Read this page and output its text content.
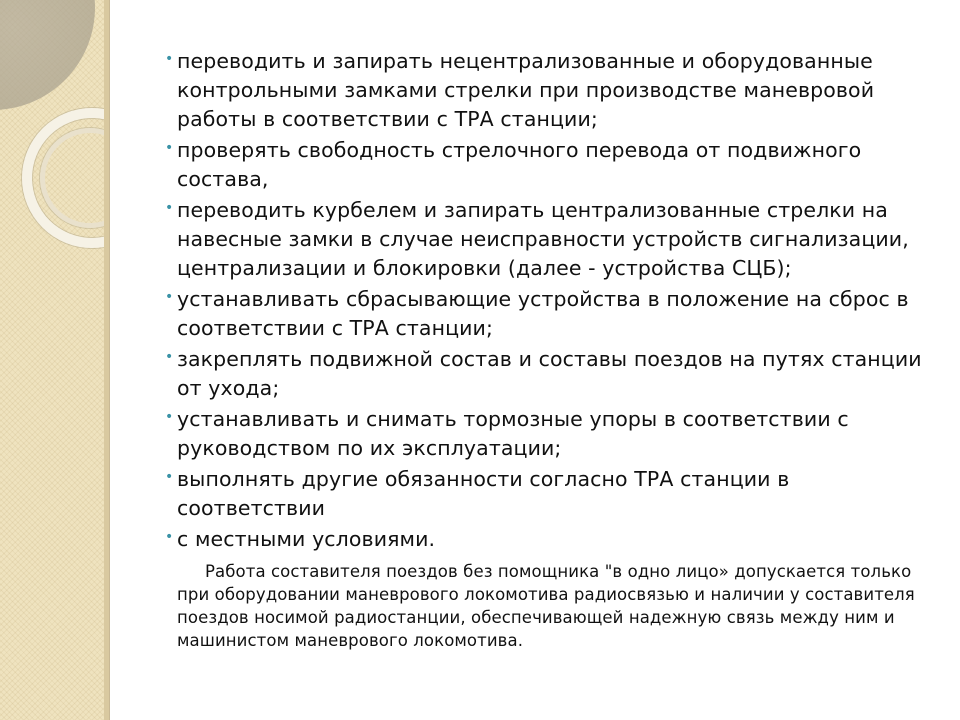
• переводить и запирать нецентрализованные и оборудованные контрольными замками стрелки при производстве маневровой работы в соответствии с ТРА станции;
• проверять свободность стрелочного перевода от подвижного состава,
• переводить курбелем и запирать централизованные стрелки на навесные замки в случае неисправности устройств сигнализации, централизации и блокировки (далее - устройства СЦБ);
• устанавливать сбрасывающие устройства в положение на сброс в соответствии с ТРА станции;
• закреплять подвижной состав и составы поездов на путях станции от ухода;
• устанавливать и снимать тормозные упоры в соответствии с руководством по их эксплуатации;
• выполнять другие обязанности согласно ТРА станции в соответствии
• с местными условиями.
Работа составителя поездов без помощника "в одно лицо» допускается только при оборудовании маневрового локомотива радиосвязью и наличии у составителя поездов носимой радиостанции, обеспечивающей надежную связь между ним и машинистом маневрового локомотива.
